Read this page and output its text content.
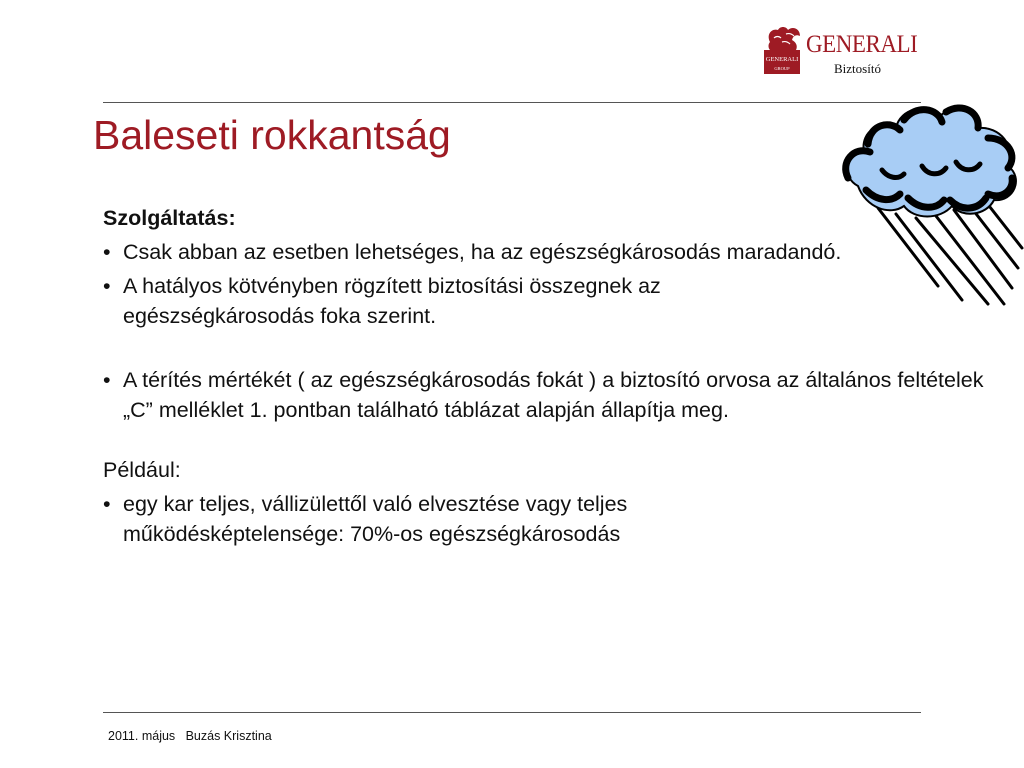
GENERALI
GROUP
GENERALI
Biztosító
Baleseti rokkantság

Szolgáltatás:

• Csak abban az esetben lehetséges, ha az egészségkárosodás maradandó.
• A hatályos kötvényben rögzített biztosítási összegnek az egészségkárosodás foka szerint.
• A térítés mértékét ( az egészségkárosodás fokát ) a biztosító orvosa az általános feltételek „C” melléklet 1. pontban található táblázat alapján állapítja meg.

Például:

• egy kar teljes, vállizülettől való elvesztése vagy teljes működésképtelensége: 70%-os egészségkárosodás
2011. május Buzás Krisztina
